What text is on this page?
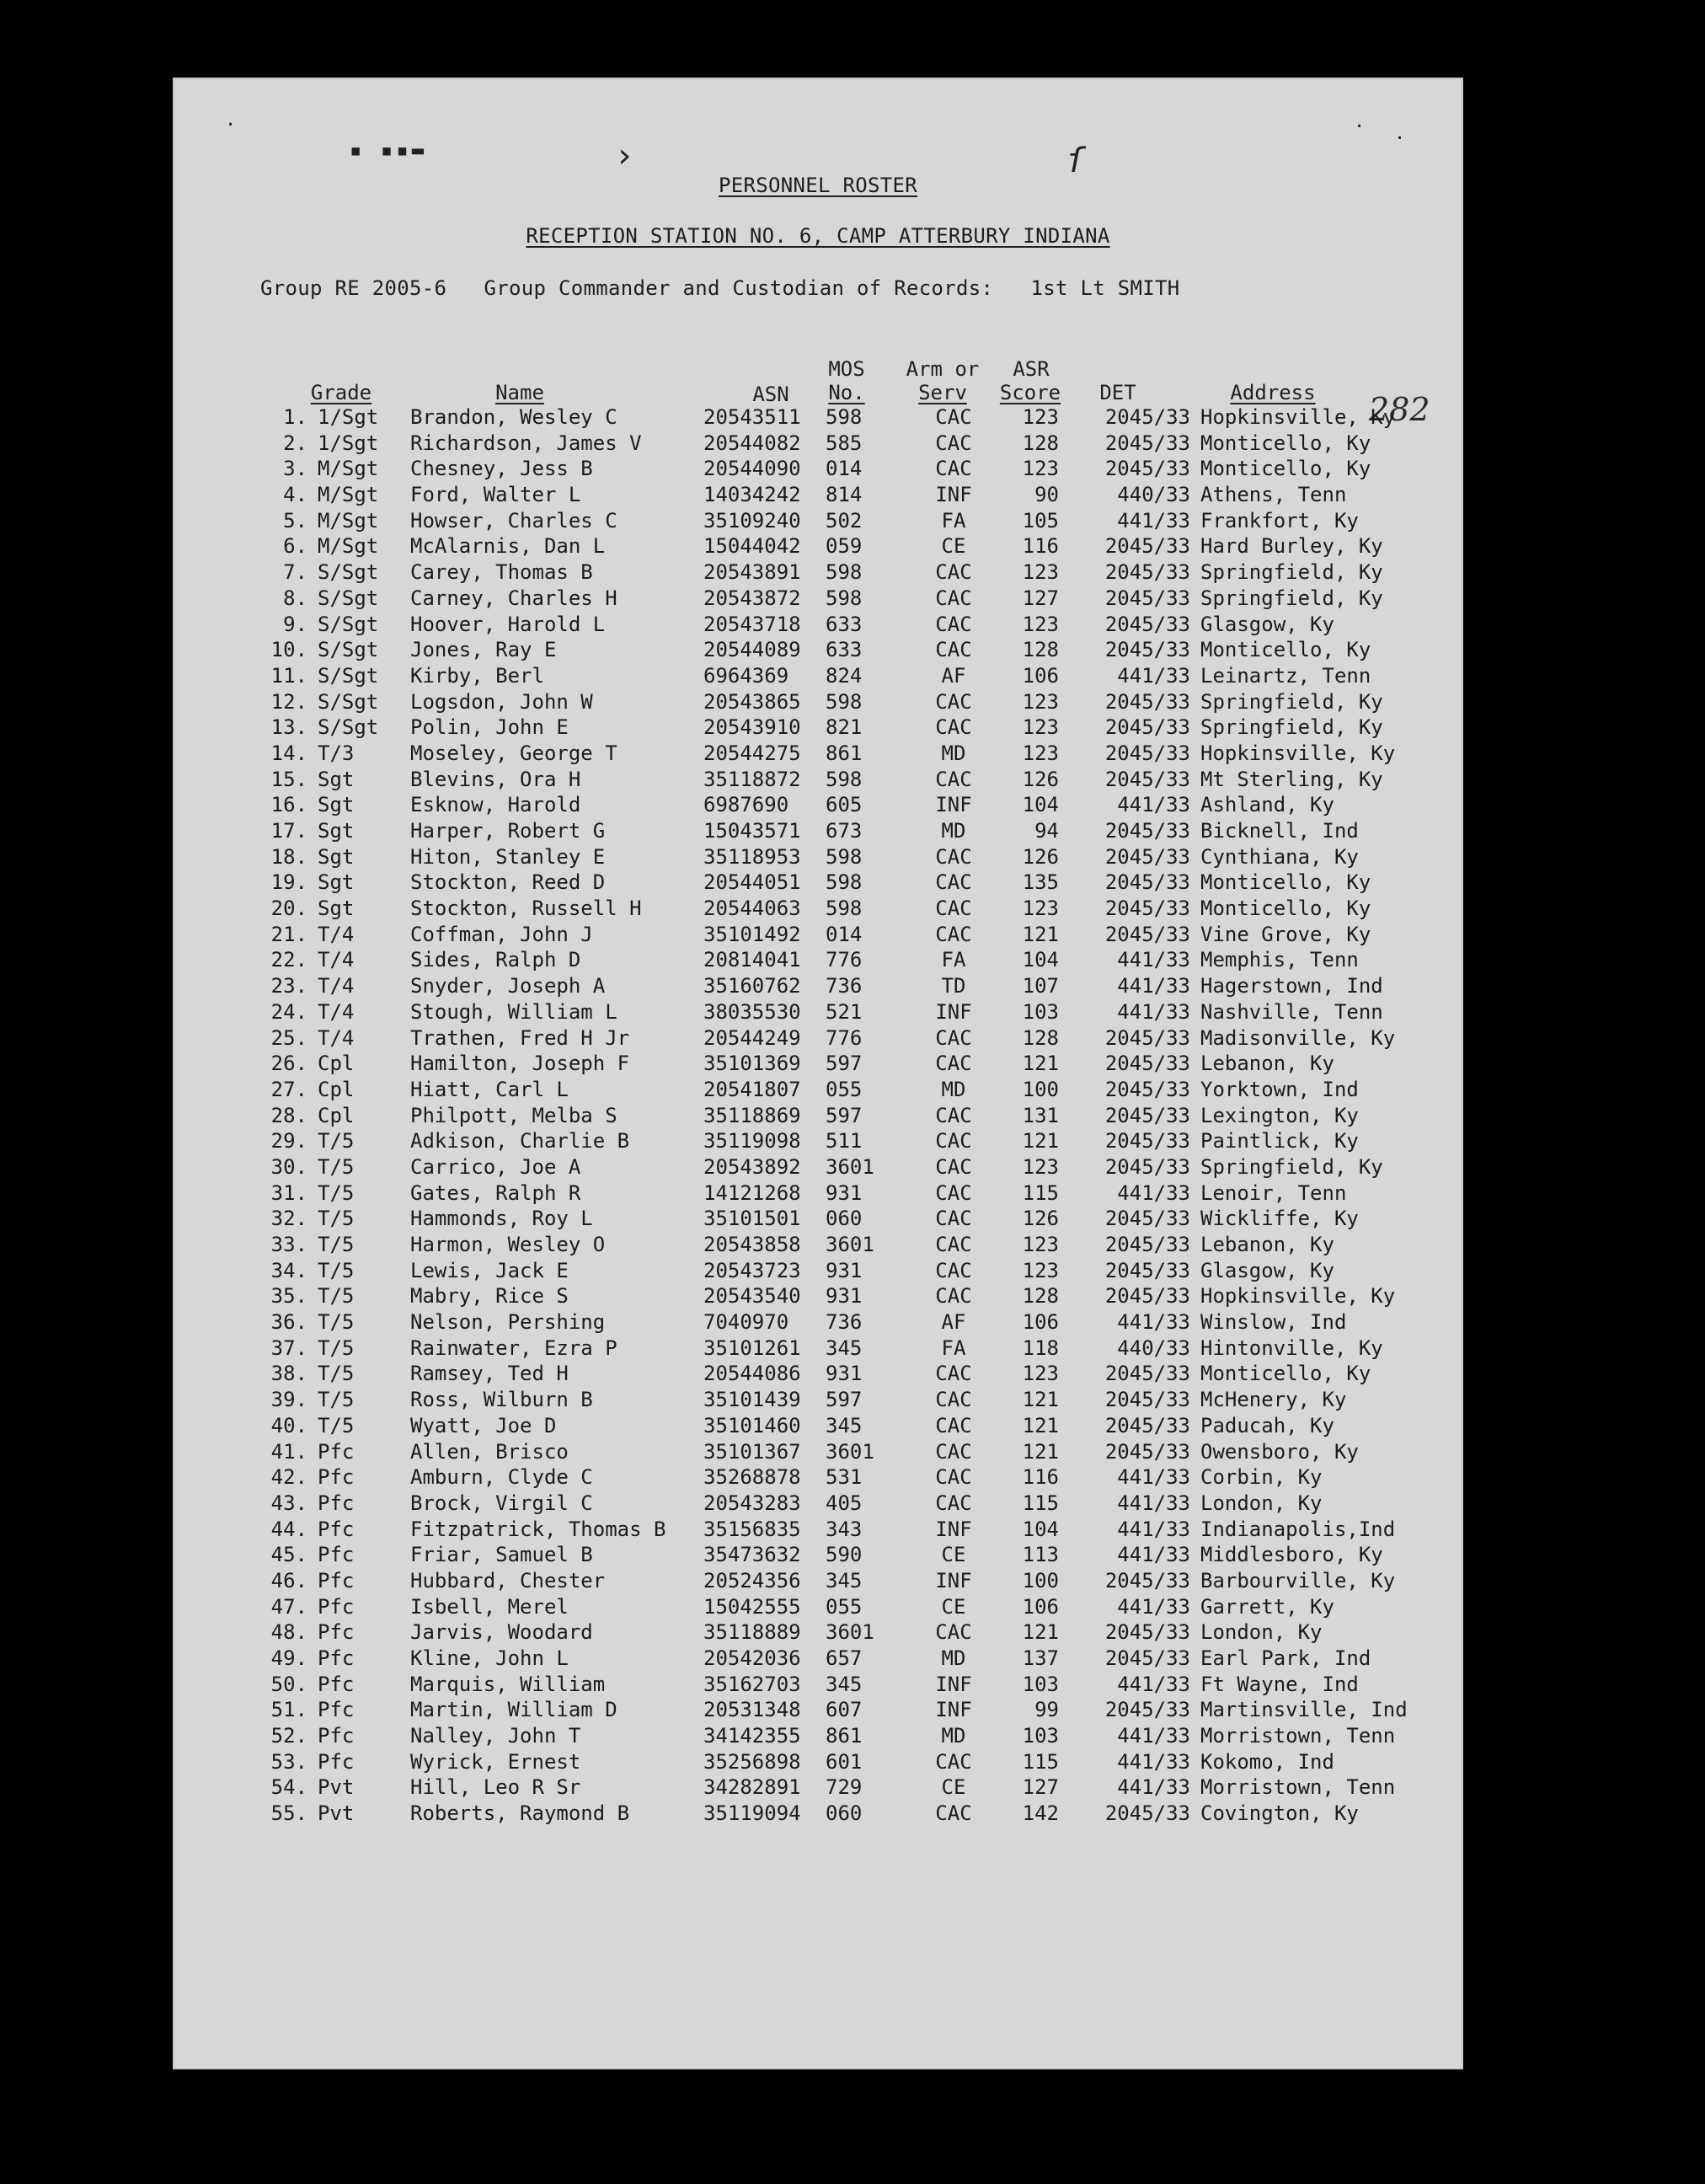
·	·
▪ ▪▪▬	›	ſ
·
PERSONNEL ROSTER
RECEPTION STATION NO. 6, CAMP ATTERBURY INDIANA
Group RE 2005-6   Group Commander and Custodian of Records:   1st Lt SMITH
282
MOS	Arm or	ASR
Grade	Name	ASN	No.	Serv	Score	DET	Address
1. 1/Sgt Brandon, Wesley C	20543511 598	CAC	123	2045/33 Hopkinsville, Ky
2. 1/Sgt Richardson, James V	20544082 585	CAC	128	2045/33 Monticello, Ky
3. M/Sgt Chesney, Jess B	20544090 014	CAC	123	2045/33 Monticello, Ky
4. M/Sgt Ford, Walter L	14034242 814	INF	90	440/33 Athens, Tenn
5. M/Sgt Howser, Charles C	35109240 502	FA	105	441/33 Frankfort, Ky
6. M/Sgt McAlarnis, Dan L	15044042 059	CE	116	2045/33 Hard Burley, Ky
7. S/Sgt Carey, Thomas B	20543891 598	CAC	123	2045/33 Springfield, Ky
8. S/Sgt Carney, Charles H	20543872 598	CAC	127	2045/33 Springfield, Ky
9. S/Sgt Hoover, Harold L	20543718 633	CAC	123	2045/33 Glasgow, Ky
10. S/Sgt Jones, Ray E	20544089 633	CAC	128	2045/33 Monticello, Ky
11. S/Sgt Kirby, Berl	6964369 824	AF	106	441/33 Leinartz, Tenn
12. S/Sgt Logsdon, John W	20543865 598	CAC	123	2045/33 Springfield, Ky
13. S/Sgt Polin, John E	20543910 821	CAC	123	2045/33 Springfield, Ky
14. T/3	Moseley, George T	20544275 861	MD	123	2045/33 Hopkinsville, Ky
15. Sgt	Blevins, Ora H	35118872 598	CAC	126	2045/33 Mt Sterling, Ky
16. Sgt	Esknow, Harold	6987690 605	INF	104	441/33 Ashland, Ky
17. Sgt	Harper, Robert G	15043571 673	MD	94	2045/33 Bicknell, Ind
18. Sgt	Hiton, Stanley E	35118953 598	CAC	126	2045/33 Cynthiana, Ky
19. Sgt	Stockton, Reed D	20544051 598	CAC	135	2045/33 Monticello, Ky
20. Sgt	Stockton, Russell H	20544063 598	CAC	123	2045/33 Monticello, Ky
21. T/4	Coffman, John J	35101492 014	CAC	121	2045/33 Vine Grove, Ky
22. T/4	Sides, Ralph D	20814041 776	FA	104	441/33 Memphis, Tenn
23. T/4	Snyder, Joseph A	35160762 736	TD	107	441/33 Hagerstown, Ind
24. T/4	Stough, William L	38035530 521	INF	103	441/33 Nashville, Tenn
25. T/4	Trathen, Fred H Jr	20544249 776	CAC	128	2045/33 Madisonville, Ky
26. Cpl	Hamilton, Joseph F	35101369 597	CAC	121	2045/33 Lebanon, Ky
27. Cpl	Hiatt, Carl L	20541807 055	MD	100	2045/33 Yorktown, Ind
28. Cpl	Philpott, Melba S	35118869 597	CAC	131	2045/33 Lexington, Ky
29. T/5	Adkison, Charlie B	35119098 511	CAC	121	2045/33 Paintlick, Ky
30. T/5	Carrico, Joe A	20543892 3601	CAC	123	2045/33 Springfield, Ky
31. T/5	Gates, Ralph R	14121268 931	CAC	115	441/33 Lenoir, Tenn
32. T/5	Hammonds, Roy L	35101501 060	CAC	126	2045/33 Wickliffe, Ky
33. T/5	Harmon, Wesley O	20543858 3601	CAC	123	2045/33 Lebanon, Ky
34. T/5	Lewis, Jack E	20543723 931	CAC	123	2045/33 Glasgow, Ky
35. T/5	Mabry, Rice S	20543540 931	CAC	128	2045/33 Hopkinsville, Ky
36. T/5	Nelson, Pershing	7040970 736	AF	106	441/33 Winslow, Ind
37. T/5	Rainwater, Ezra P	35101261 345	FA	118	440/33 Hintonville, Ky
38. T/5	Ramsey, Ted H	20544086 931	CAC	123	2045/33 Monticello, Ky
39. T/5	Ross, Wilburn B	35101439 597	CAC	121	2045/33 McHenery, Ky
40. T/5	Wyatt, Joe D	35101460 345	CAC	121	2045/33 Paducah, Ky
41. Pfc	Allen, Brisco	35101367 3601	CAC	121	2045/33 Owensboro, Ky
42. Pfc	Amburn, Clyde C	35268878 531	CAC	116	441/33 Corbin, Ky
43. Pfc	Brock, Virgil C	20543283 405	CAC	115	441/33 London, Ky
44. Pfc	Fitzpatrick, Thomas B 35156835 343	INF	104	441/33 Indianapolis,Ind
45. Pfc	Friar, Samuel B	35473632 590	CE	113	441/33 Middlesboro, Ky
46. Pfc	Hubbard, Chester	20524356 345	INF	100	2045/33 Barbourville, Ky
47. Pfc	Isbell, Merel	15042555 055	CE	106	441/33 Garrett, Ky
48. Pfc	Jarvis, Woodard	35118889 3601	CAC	121	2045/33 London, Ky
49. Pfc	Kline, John L	20542036 657	MD	137	2045/33 Earl Park, Ind
50. Pfc	Marquis, William	35162703 345	INF	103	441/33 Ft Wayne, Ind
51. Pfc	Martin, William D	20531348 607	INF	99	2045/33 Martinsville, Ind
52. Pfc	Nalley, John T	34142355 861	MD	103	441/33 Morristown, Tenn
53. Pfc	Wyrick, Ernest	35256898 601	CAC	115	441/33 Kokomo, Ind
54. Pvt	Hill, Leo R Sr	34282891 729	CE	127	441/33 Morristown, Tenn
55. Pvt	Roberts, Raymond B	35119094 060	CAC	142	2045/33 Covington, Ky
